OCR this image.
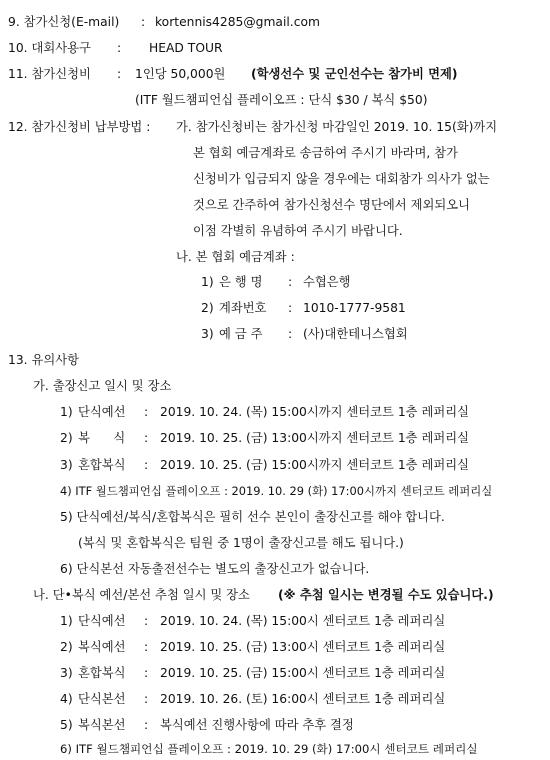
9. 참가신청(E-mail) : kortennis4285@gmail.com
10. 대회사용구 : HEAD TOUR
11. 참가신청비 : 1인당 50,000원 (학생선수 및 군인선수는 참가비 면제)
(ITF 월드챔피언십 플레이오프 : 단식 $30 / 복식 $50)
12. 참가신청비 납부방법 : 가. 참가신청비는 참가신청 마감일인 2019. 10. 15(화)까지
본 협회 예금계좌로 송금하여 주시기 바라며, 참가
신청비가 입금되지 않을 경우에는 대회참가 의사가 없는
것으로 간주하여 참가신청선수 명단에서 제외되오니
이점 각별히 유념하여 주시기 바랍니다.
나. 본 협회 예금계좌 :
1) 은 행 명 : 수협은행
2) 계좌번호 : 1010-1777-9581
3) 예 금 주 : (사)대한테니스협회
13. 유의사항
가. 출장신고 일시 및 장소
1) 단식예선 : 2019. 10. 24. (목) 15:00시까지 센터코트 1층 레퍼리실
2) 복      식 : 2019. 10. 25. (금) 13:00시까지 센터코트 1층 레퍼리실
3) 혼합복식 : 2019. 10. 25. (금) 15:00시까지 센터코트 1층 레퍼리실
4) ITF 월드챔피언십 플레이오프 : 2019. 10. 29 (화) 17:00시까지 센터코트 레퍼리실
5) 단식예선/복식/혼합복식은 필히 선수 본인이 출장신고를 해야 합니다.
(복식 및 혼합복식은 팀원 중 1명이 출장신고를 해도 됩니다.)
6) 단식본선 자동출전선수는 별도의 출장신고가 없습니다.
나. 단•복식 예선/본선 추첨 일시 및 장소 (※ 추첨 일시는 변경될 수도 있습니다.)
1) 단식예선 : 2019. 10. 24. (목) 15:00시 센터코트 1층 레퍼리실
2) 복식예선 : 2019. 10. 25. (금) 13:00시 센터코트 1층 레퍼리실
3) 혼합복식 : 2019. 10. 25. (금) 15:00시 센터코트 1층 레퍼리실
4) 단식본선 : 2019. 10. 26. (토) 16:00시 센터코트 1층 레퍼리실
5) 복식본선 : 복식예선 진행사항에 따라 추후 결정
6) ITF 월드챔피언십 플레이오프 : 2019. 10. 29 (화) 17:00시 센터코트 레퍼리실
